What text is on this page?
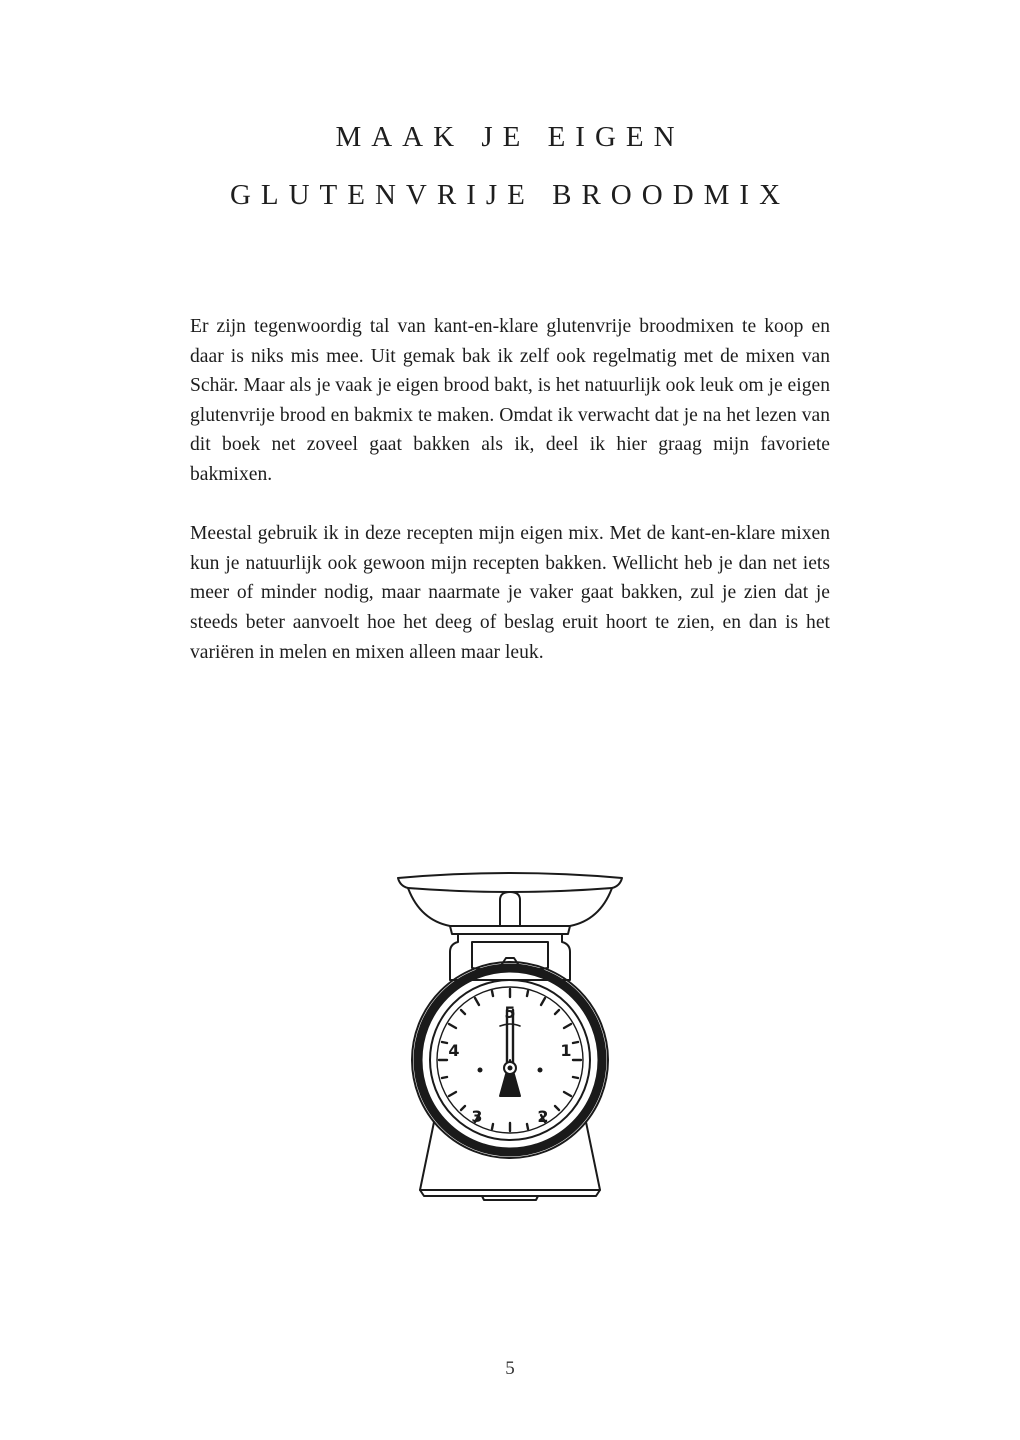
MAAK JE EIGEN
GLUTENVRIJE BROODMIX

Er zijn tegenwoordig tal van kant-en-klare glutenvrije broodmixen te koop en daar is niks mis mee. Uit gemak bak ik zelf ook regelmatig met de mixen van Schär. Maar als je vaak je eigen brood bakt, is het natuurlijk ook leuk om je eigen glutenvrije brood en bakmix te maken. Omdat ik verwacht dat je na het lezen van dit boek net zoveel gaat bakken als ik, deel ik hier graag mijn favoriete bakmixen.

Meestal gebruik ik in deze recepten mijn eigen mix. Met de kant-en-klare mixen kun je natuurlijk ook gewoon mijn recepten bakken. Wellicht heb je dan net iets meer of minder nodig, maar naarmate je vaker gaat bakken, zul je zien dat je steeds beter aanvoelt hoe het deeg of beslag eruit hoort te zien, en dan is het variëren in melen en mixen alleen maar leuk.

5
1
2
3
4
5
